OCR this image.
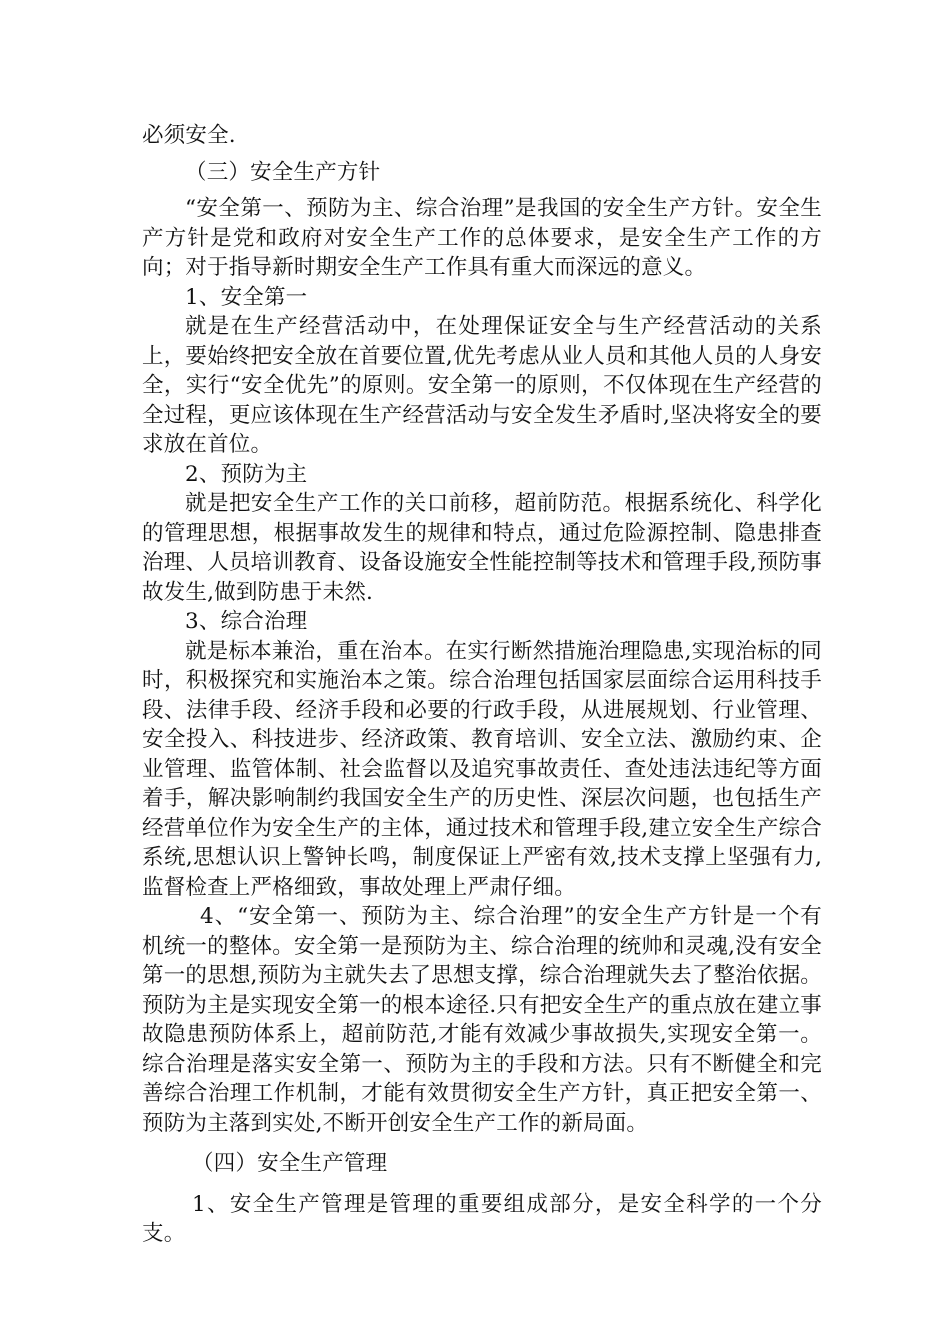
必须安全.

（三）安全生产方针

“安全第一、预防为主、综合治理”是我国的安全生产方针。安全生产方针是党和政府对安全生产工作的总体要求，是安全生产工作的方向；对于指导新时期安全生产工作具有重大而深远的意义。

1、安全第一

就是在生产经营活动中，在处理保证安全与生产经营活动的关系上，要始终把安全放在首要位置,优先考虑从业人员和其他人员的人身安全，实行“安全优先”的原则。安全第一的原则，不仅体现在生产经营的全过程，更应该体现在生产经营活动与安全发生矛盾时,坚决将安全的要求放在首位。

2、预防为主

就是把安全生产工作的关口前移，超前防范。根据系统化、科学化的管理思想，根据事故发生的规律和特点，通过危险源控制、隐患排查治理、人员培训教育、设备设施安全性能控制等技术和管理手段,预防事故发生,做到防患于未然.

3、综合治理

就是标本兼治，重在治本。在实行断然措施治理隐患,实现治标的同时，积极探究和实施治本之策。综合治理包括国家层面综合运用科技手段、法律手段、经济手段和必要的行政手段，从进展规划、行业管理、安全投入、科技进步、经济政策、教育培训、安全立法、激励约束、企业管理、监管体制、社会监督以及追究事故责任、查处违法违纪等方面着手，解决影响制约我国安全生产的历史性、深层次问题，也包括生产经营单位作为安全生产的主体，通过技术和管理手段,建立安全生产综合系统,思想认识上警钟长鸣，制度保证上严密有效,技术支撑上坚强有力,监督检查上严格细致，事故处理上严肃仔细。

4、“安全第一、预防为主、综合治理”的安全生产方针是一个有机统一的整体。安全第一是预防为主、综合治理的统帅和灵魂,没有安全第一的思想,预防为主就失去了思想支撑，综合治理就失去了整治依据。预防为主是实现安全第一的根本途径.只有把安全生产的重点放在建立事故隐患预防体系上，超前防范,才能有效减少事故损失,实现安全第一。综合治理是落实安全第一、预防为主的手段和方法。只有不断健全和完善综合治理工作机制，才能有效贯彻安全生产方针，真正把安全第一、预防为主落到实处,不断开创安全生产工作的新局面。

（四）安全生产管理

1、安全生产管理是管理的重要组成部分，是安全科学的一个分支。
